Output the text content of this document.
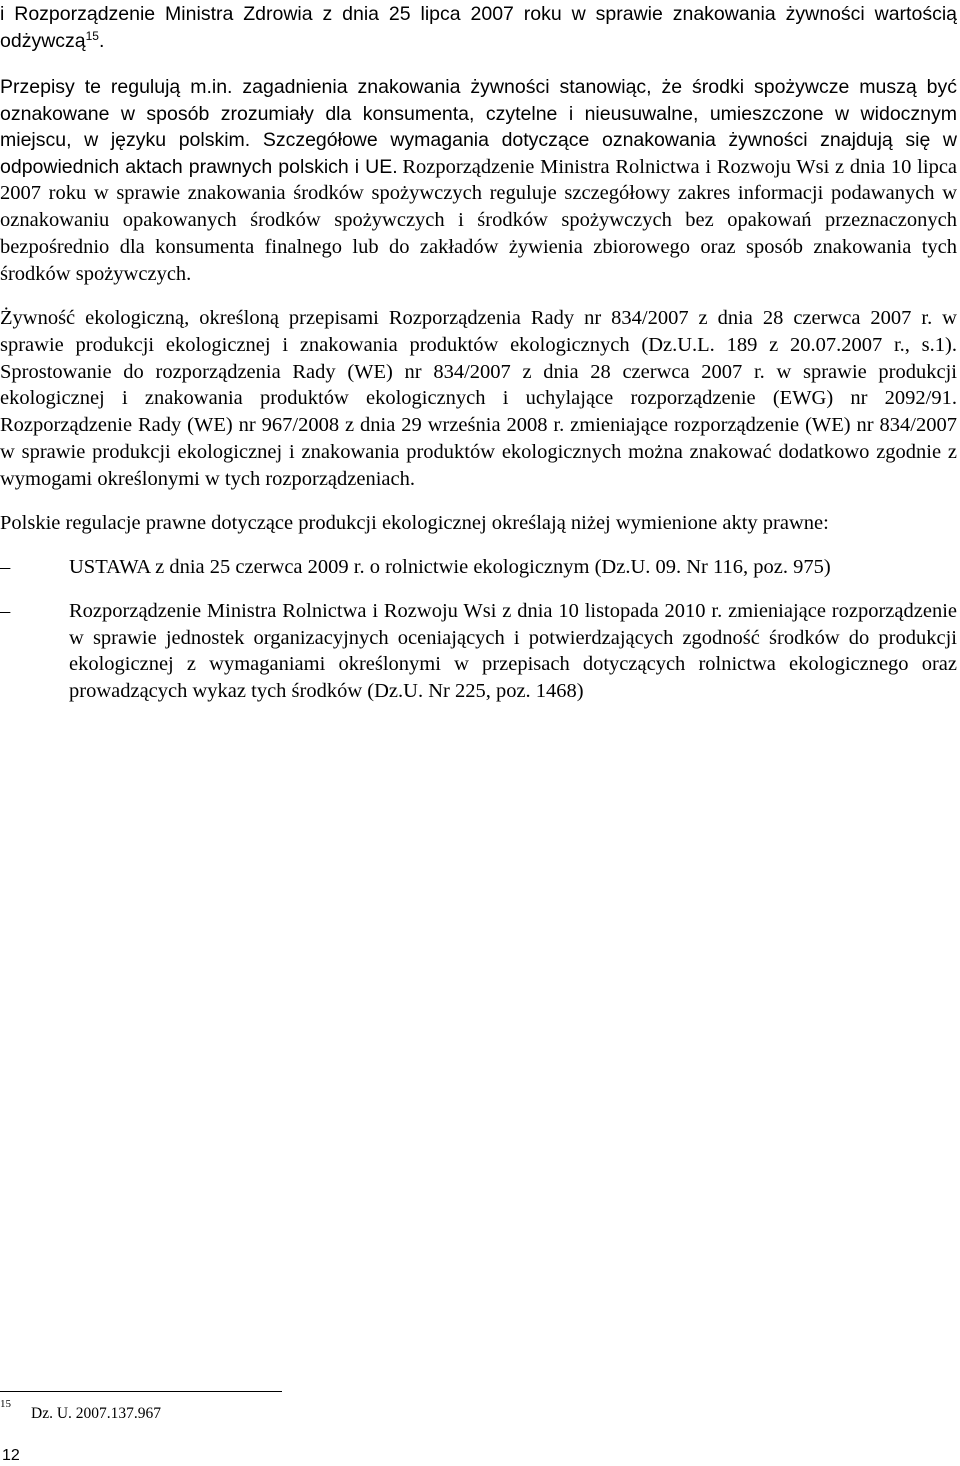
i Rozporządzenie Ministra Zdrowia z dnia 25 lipca 2007 roku w sprawie znakowania żywności wartością odżywczą$^{15}$.

Przepisy te regulują m.in. zagadnienia znakowania żywności stanowiąc, że środki spożywcze muszą być oznakowane w sposób zrozumiały dla konsumenta, czytelne i nieusuwalne, umieszczone w widocznym miejscu, w języku polskim. Szczegółowe wymagania dotyczące oznakowania żywności znajdują się w odpowiednich aktach prawnych polskich i UE. Rozporządzenie Ministra Rolnictwa i Rozwoju Wsi z dnia 10 lipca 2007 roku w sprawie znakowania środków spożywczych reguluje szczegółowy zakres informacji podawanych w oznakowaniu opakowanych środków spożywczych i środków spożywczych bez opakowań przeznaczonych bezpośrednio dla konsumenta finalnego lub do zakładów żywienia zbiorowego oraz sposób znakowania tych środków spożywczych.

Żywność ekologiczną, określoną przepisami Rozporządzenia Rady nr 834/2007 z dnia 28 czerwca 2007 r. w sprawie produkcji ekologicznej i znakowania produktów ekologicznych (Dz.U.L. 189 z 20.07.2007 r., s.1). Sprostowanie do rozporządzenia Rady (WE) nr 834/2007 z dnia 28 czerwca 2007 r. w sprawie produkcji ekologicznej i znakowania produktów ekologicznych i uchylające rozporządzenie (EWG) nr 2092/91. Rozporządzenie Rady (WE) nr 967/2008 z dnia 29 września 2008 r. zmieniające rozporządzenie (WE) nr 834/2007 w sprawie produkcji ekologicznej i znakowania produktów ekologicznych można znakować dodatkowo zgodnie z wymogami określonymi w tych rozporządzeniach.

Polskie regulacje prawne dotyczące produkcji ekologicznej określają niżej wymienione akty prawne:

–	USTAWA z dnia 25 czerwca 2009 r. o rolnictwie ekologicznym (Dz.U. 09. Nr 116, poz. 975)
–	Rozporządzenie Ministra Rolnictwa i Rozwoju Wsi z dnia 10 listopada 2010 r. zmieniające rozporządzenie w sprawie jednostek organizacyjnych oceniających i potwierdzających zgodność środków do produkcji ekologicznej z wymaganiami określonymi w przepisach dotyczących rolnictwa ekologicznego oraz prowadzących wykaz tych środków (Dz.U. Nr 225, poz. 1468)
$^{15}$
Dz. U. 2007.137.967
12
